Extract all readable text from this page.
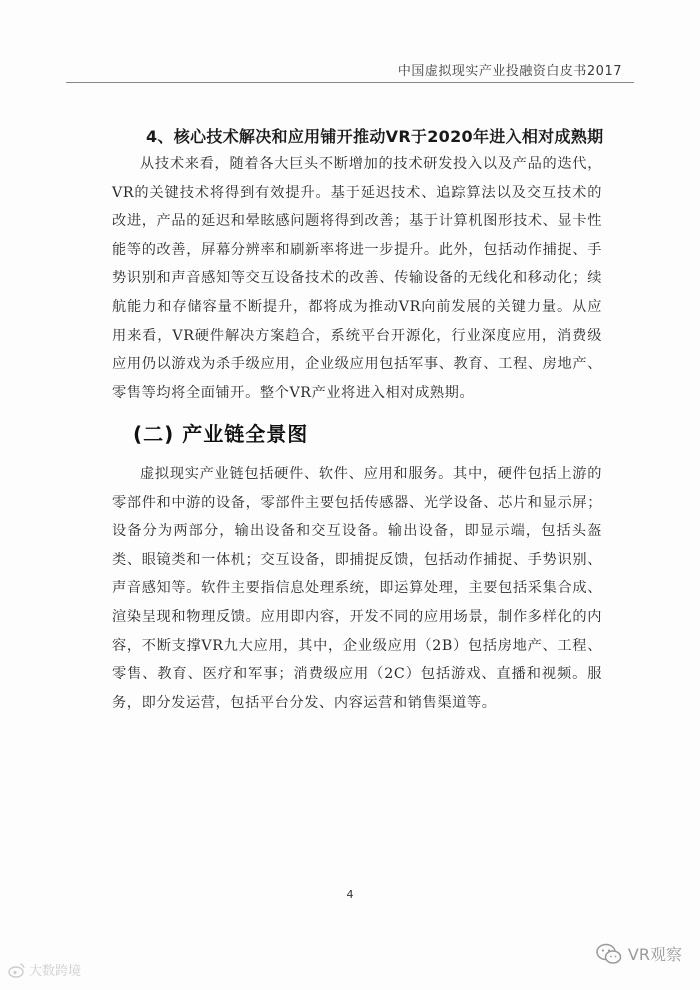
中国虚拟现实产业投融资白皮书2017
4、核心技术解决和应用铺开推动VR于2020年进入相对成熟期
从技术来看，随着各大巨头不断增加的技术研发投入以及产品的迭代，VR的关键技术将得到有效提升。基于延迟技术、追踪算法以及交互技术的改进，产品的延迟和晕眩感问题将得到改善；基于计算机图形技术、显卡性能等的改善，屏幕分辨率和刷新率将进一步提升。此外，包括动作捕捉、手势识别和声音感知等交互设备技术的改善、传输设备的无线化和移动化；续航能力和存储容量不断提升，都将成为推动VR向前发展的关键力量。从应用来看，VR硬件解决方案趋合，系统平台开源化，行业深度应用，消费级应用仍以游戏为杀手级应用，企业级应用包括军事、教育、工程、房地产、零售等均将全面铺开。整个VR产业将进入相对成熟期。
(二) 产业链全景图
虚拟现实产业链包括硬件、软件、应用和服务。其中，硬件包括上游的零部件和中游的设备，零部件主要包括传感器、光学设备、芯片和显示屏；设备分为两部分，输出设备和交互设备。输出设备，即显示端，包括头盔类、眼镜类和一体机；交互设备，即捕捉反馈，包括动作捕捉、手势识别、声音感知等。软件主要指信息处理系统，即运算处理，主要包括采集合成、渲染呈现和物理反馈。应用即内容，开发不同的应用场景，制作多样化的内容，不断支撑VR九大应用，其中，企业级应用（2B）包括房地产、工程、零售、教育、医疗和军事；消费级应用（2C）包括游戏、直播和视频。服务，即分发运营，包括平台分发、内容运营和销售渠道等。
4
大数跨境
VR观察
